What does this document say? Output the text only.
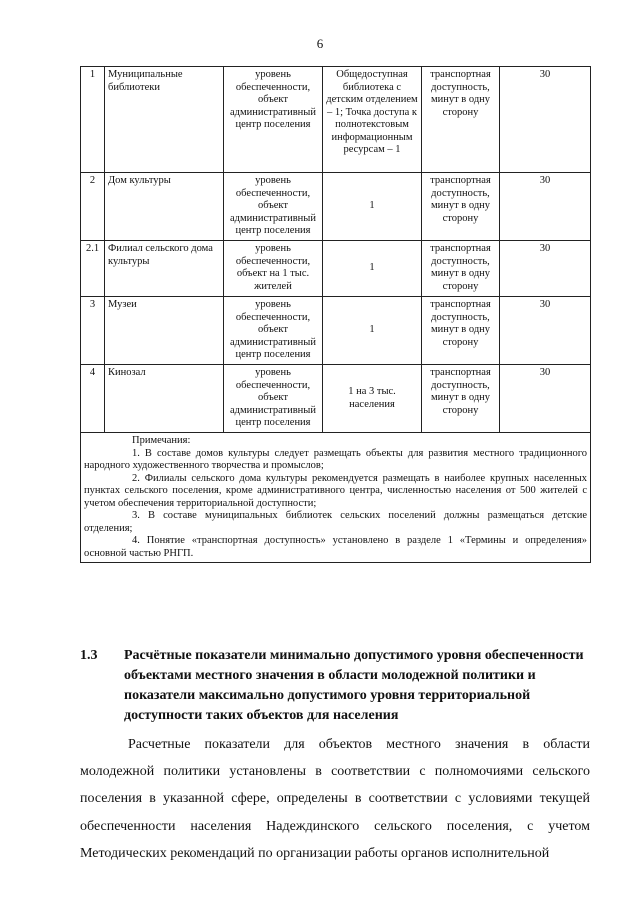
6
1	Муниципальные библиотеки	уровень обеспеченности, объект административный центр поселения	Общедоступная библиотека с детским отделением – 1; Точка доступа к полнотекстовым информационным ресурсам – 1	транспортная доступность, минут в одну сторону	30
2	Дом культуры	уровень обеспеченности, объект административный центр поселения	1	транспортная доступность, минут в одну сторону	30
2.1	Филиал сельского дома культуры	уровень обеспеченности, объект на 1 тыс. жителей	1	транспортная доступность, минут в одну сторону	30
3	Музеи	уровень обеспеченности, объект административный центр поселения	1	транспортная доступность, минут в одну сторону	30
4	Кинозал	уровень обеспеченности, объект административный центр поселения	1 на 3 тыс. населения	транспортная доступность, минут в одну сторону	30

Примечания:

1. В составе домов культуры следует размещать объекты для развития местного традиционного народного художественного творчества и промыслов;

2. Филиалы сельского дома культуры рекомендуется размещать в наиболее крупных населенных пунктах сельского поселения, кроме административного центра, численностью населения от 500 жителей с учетом обеспечения территориальной доступности;

3. В составе муниципальных библиотек сельских поселений должны размещаться детские отделения;

4. Понятие «транспортная доступность» установлено в разделе 1 «Термины и определения» основной частью РНГП.					

1.3 Расчётные показатели минимально допустимого уровня обеспеченности объектами местного значения в области молодежной политики и показатели максимально допустимого уровня территориальной доступности таких объектов для населения

Расчетные показатели для объектов местного значения в области молодежной политики установлены в соответствии с полномочиями сельского поселения в указанной сфере, определены в соответствии с условиями текущей обеспеченности населения Надеждинского сельского поселения, с учетом Методических рекомендаций по организации работы органов исполнительной
